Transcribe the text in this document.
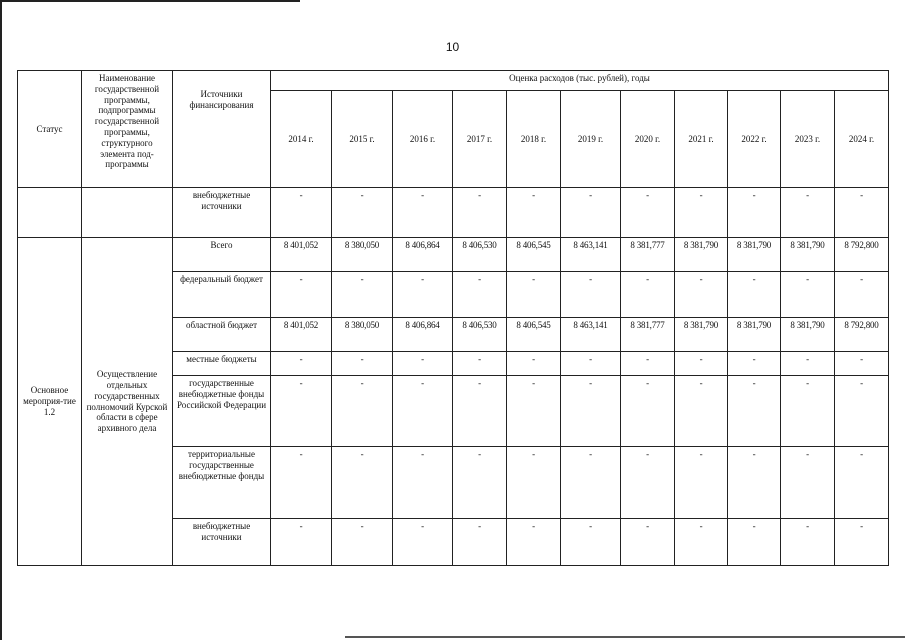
10
Статус	Наименование государственной программы, подпрограммы государственной программы, структурного элемента под-программы	Источники финансирования	Оценка расходов (тыс. рублей), годы										
			2014 г.	2015 г.	2016 г.	2017 г.	2018 г.	2019 г.	2020 г.	2021 г.	2022 г.	2023 г.	2024 г.
		внебюджетные источники	-	-	-	-	-	-	-	-	-	-	-
Основное мероприя-тие 1.2	Осуществление отдельных государственных полномочий Курской области в сфере архивного дела	Всего	8 401,052	8 380,050	8 406,864	8 406,530	8 406,545	8 463,141	8 381,777	8 381,790	8 381,790	8 381,790	8 792,800
		федеральный бюджет	-	-	-	-	-	-	-	-	-	-	-
		областной бюджет	8 401,052	8 380,050	8 406,864	8 406,530	8 406,545	8 463,141	8 381,777	8 381,790	8 381,790	8 381,790	8 792,800
		местные бюджеты	-	-	-	-	-	-	-	-	-	-	-
		государственные внебюджетные фонды Российской Федерации	-	-	-	-	-	-	-	-	-	-	-
		территориальные государственные внебюджетные фонды	-	-	-	-	-	-	-	-	-	-	-
		внебюджетные источники	-	-	-	-	-	-	-	-	-	-	-
